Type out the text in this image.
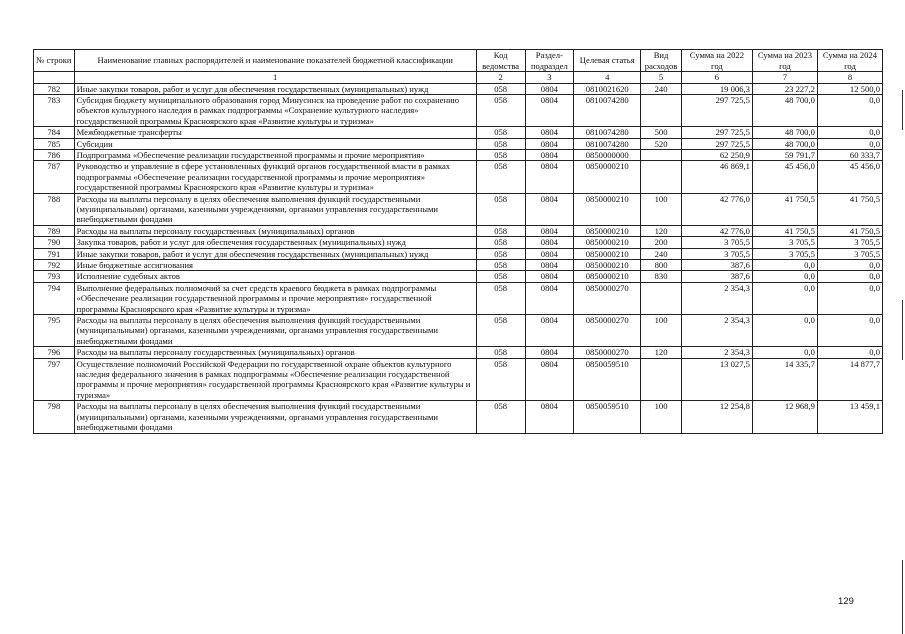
№ строки	Наименование главных распорядителей и наименование показателей бюджетной классификации	Код ведомства	Раздел-подраздел	Целевая статья	Вид расходов	Сумма на 2022 год	Сумма на 2023 год	Сумма на 2024 год
	1	2	3	4	5	6	7	8
782	Иные закупки товаров, работ и услуг для обеспечения государственных (муниципальных) нужд	058	0804	0810021620	240	19 006,3	23 227,2	12 500,0
783	Субсидия бюджету муниципального образования город Минусинск на проведение работ по сохранению объектов культурного наследия в рамках подпрограммы «Сохранение культурного наследия» государственной программы Красноярского края «Развитие культуры и туризма»	058	0804	0810074280		297 725,5	48 700,0	0,0
784	Межбюджетные трансферты	058	0804	0810074280	500	297 725,5	48 700,0	0,0
785	Субсидии	058	0804	0810074280	520	297 725,5	48 700,0	0,0
786	Подпрограмма «Обеспечение реализации государственной программы и прочие мероприятия»	058	0804	0850000000		62 250,9	59 791,7	60 333,7
787	Руководство и управление в сфере установленных функций органов государственной власти в рамках подпрограммы «Обеспечение реализации государственной программы и прочие мероприятия» государственной программы Красноярского края «Развитие культуры и туризма»	058	0804	0850000210		46 869,1	45 456,0	45 456,0
788	Расходы на выплаты персоналу в целях обеспечения выполнения функций государственными (муниципальными) органами, казенными учреждениями, органами управления государственными внебюджетными фондами	058	0804	0850000210	100	42 776,0	41 750,5	41 750,5
789	Расходы на выплаты персоналу государственных (муниципальных) органов	058	0804	0850000210	120	42 776,0	41 750,5	41 750,5
790	Закупка товаров, работ и услуг для обеспечения государственных (муниципальных) нужд	058	0804	0850000210	200	3 705,5	3 705,5	3 705,5
791	Иные закупки товаров, работ и услуг для обеспечения государственных (муниципальных) нужд	058	0804	0850000210	240	3 705,5	3 705,5	3 705,5
792	Иные бюджетные ассигнования	058	0804	0850000210	800	387,6	0,0	0,0
793	Исполнение судебных актов	058	0804	0850000210	830	387,6	0,0	0,0
794	Выполнение федеральных полномочий за счет средств краевого бюджета в рамках подпрограммы «Обеспечение реализации государственной программы и прочие мероприятия» государственной программы Красноярского края «Развитие культуры и туризма»	058	0804	0850000270		2 354,3	0,0	0,0
795	Расходы на выплаты персоналу в целях обеспечения выполнения функций государственными (муниципальными) органами, казенными учреждениями, органами управления государственными внебюджетными фондами	058	0804	0850000270	100	2 354,3	0,0	0,0
796	Расходы на выплаты персоналу государственных (муниципальных) органов	058	0804	0850000270	120	2 354,3	0,0	0,0
797	Осуществление полномочий Российской Федерации по государственной охране объектов культурного наследия федерального значения в рамках подпрограммы «Обеспечение реализации государственной программы и прочие мероприятия» государственной программы Красноярского края «Развитие культуры и туризма»	058	0804	0850059510		13 027,5	14 335,7	14 877,7
798	Расходы на выплаты персоналу в целях обеспечения выполнения функций государственными (муниципальными) органами, казенными учреждениями, органами управления государственными внебюджетными фондами	058	0804	0850059510	100	12 254,8	12 968,9	13 459,1
129
